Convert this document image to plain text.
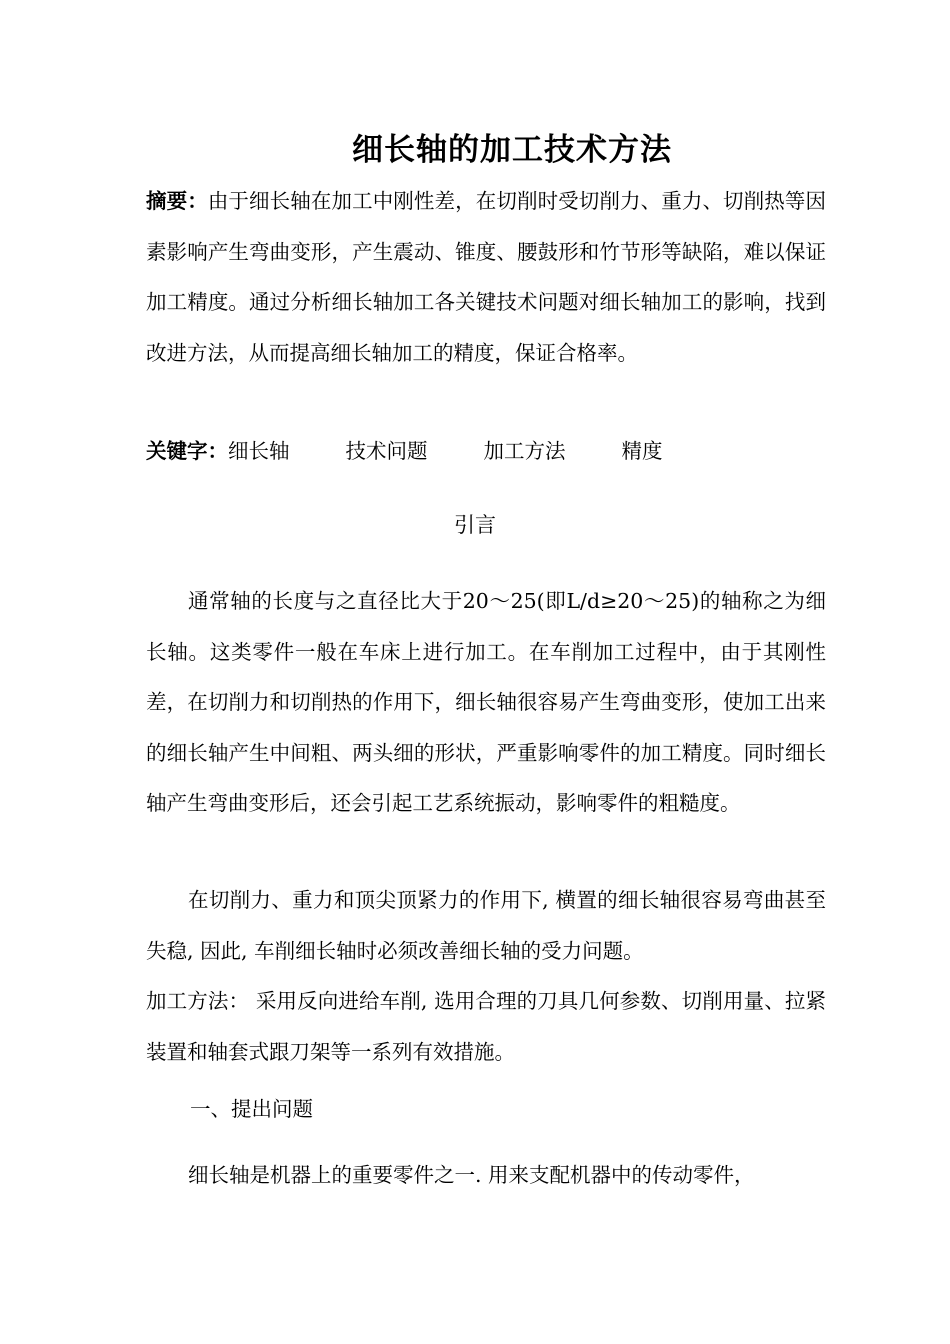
细长轴的加工技术方法
摘要：由于细长轴在加工中刚性差，在切削时受切削力、重力、切削热等因素影响产生弯曲变形，产生震动、锥度、腰鼓形和竹节形等缺陷，难以保证加工精度。通过分析细长轴加工各关键技术问题对细长轴加工的影响，找到改进方法，从而提高细长轴加工的精度，保证合格率。
关键字：细长轴	技术问题	加工方法	精度
引言
通常轴的长度与之直径比大于20～25(即L/d≥20～25)的轴称之为细长轴。这类零件一般在车床上进行加工。在车削加工过程中，由于其刚性差，在切削力和切削热的作用下，细长轴很容易产生弯曲变形，使加工出来的细长轴产生中间粗、两头细的形状，严重影响零件的加工精度。同时细长轴产生弯曲变形后，还会引起工艺系统振动，影响零件的粗糙度。
在切削力、重力和顶尖顶紧力的作用下, 横置的细长轴很容易弯曲甚至失稳, 因此, 车削细长轴时必须改善细长轴的受力问题。
加工方法： 采用反向进给车削, 选用合理的刀具几何参数、切削用量、拉紧装置和轴套式跟刀架等一系列有效措施。
一、提出问题
细长轴是机器上的重要零件之一. 用来支配机器中的传动零件，
